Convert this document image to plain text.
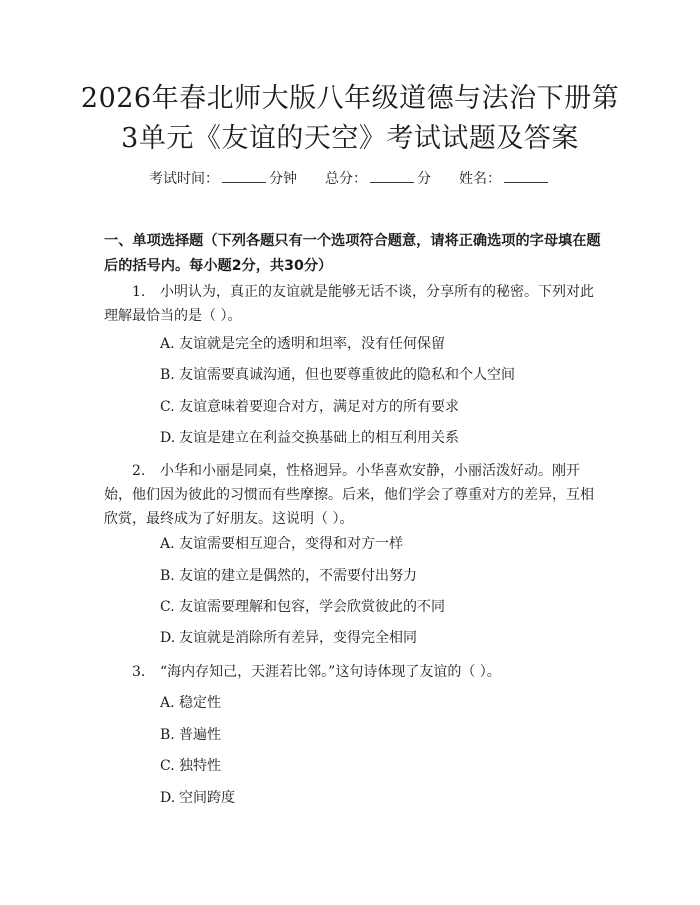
2026年春北师大版八年级道德与法治下册第
3单元《友谊的天空》考试试题及答案
考试时间：	分钟 总分：	分 姓名：
一、单项选择题（下列各题只有一个选项符合题意，请将正确选项的字母填在题后的括号内。每小题2分，共30分）
1. 小明认为，真正的友谊就是能够无话不谈，分享所有的秘密。下列对此理解最恰当的是（ ）。
A. 友谊就是完全的透明和坦率，没有任何保留
B. 友谊需要真诚沟通，但也要尊重彼此的隐私和个人空间
C. 友谊意味着要迎合对方，满足对方的所有要求
D. 友谊是建立在利益交换基础上的相互利用关系
2. 小华和小丽是同桌，性格迥异。小华喜欢安静，小丽活泼好动。刚开始，他们因为彼此的习惯而有些摩擦。后来，他们学会了尊重对方的差异，互相欣赏，最终成为了好朋友。这说明（ ）。
A. 友谊需要相互迎合，变得和对方一样
B. 友谊的建立是偶然的，不需要付出努力
C. 友谊需要理解和包容，学会欣赏彼此的不同
D. 友谊就是消除所有差异，变得完全相同
3. “海内存知己，天涯若比邻。”这句诗体现了友谊的（ ）。
A. 稳定性
B. 普遍性
C. 独特性
D. 空间跨度
